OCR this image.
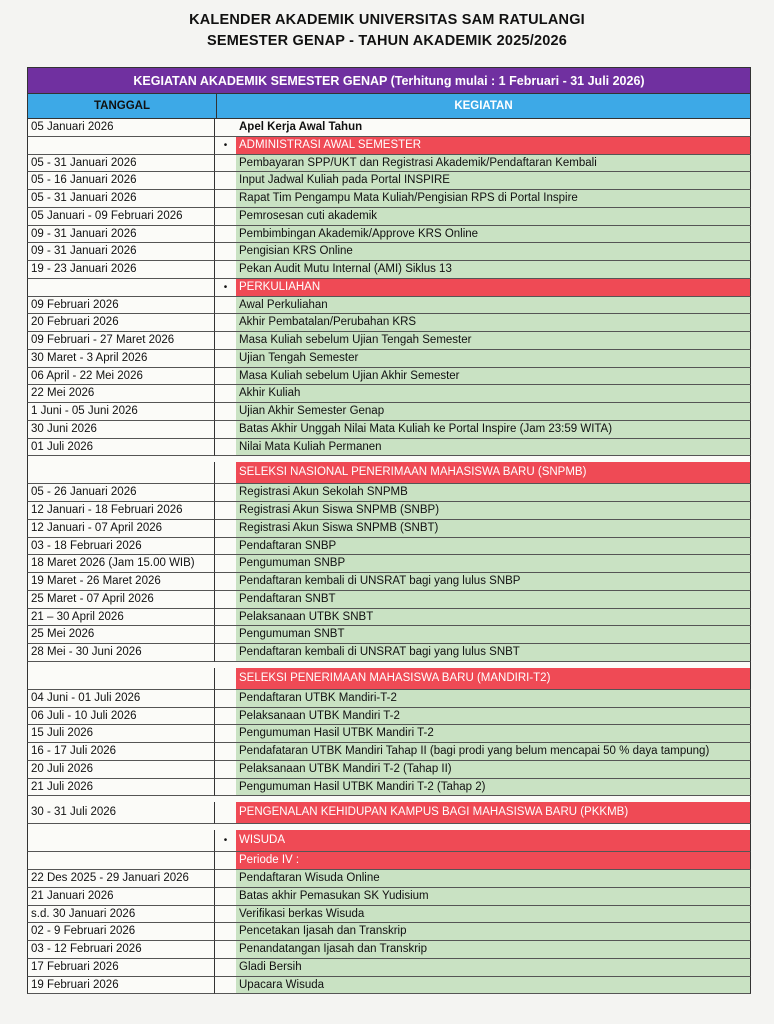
KALENDER AKADEMIK UNIVERSITAS SAM RATULANGI
SEMESTER GENAP - TAHUN AKADEMIK 2025/2026
KEGIATAN AKADEMIK SEMESTER GENAP (Terhitung mulai : 1 Februari - 31 Juli 2026)
TANGGAL	KEGIATAN
05 Januari 2026	Apel Kerja Awal Tahun
•	ADMINISTRASI AWAL SEMESTER
05 - 31 Januari 2026	Pembayaran SPP/UKT dan Registrasi Akademik/Pendaftaran Kembali
05 - 16 Januari 2026	Input Jadwal Kuliah pada Portal INSPIRE
05 - 31 Januari 2026	Rapat Tim Pengampu Mata Kuliah/Pengisian RPS di Portal Inspire
05 Januari - 09 Februari 2026	Pemrosesan cuti akademik
09 - 31 Januari 2026	Pembimbingan Akademik/Approve KRS Online
09 - 31 Januari 2026	Pengisian KRS Online
19 - 23 Januari 2026	Pekan Audit Mutu Internal (AMI) Siklus 13
•	PERKULIAHAN
09 Februari 2026	Awal Perkuliahan
20 Februari 2026	Akhir Pembatalan/Perubahan KRS
09 Februari - 27 Maret 2026	Masa Kuliah sebelum Ujian Tengah Semester
30 Maret - 3 April 2026	Ujian Tengah Semester
06 April - 22 Mei 2026	Masa Kuliah sebelum Ujian Akhir Semester
22 Mei 2026	Akhir Kuliah
1 Juni - 05 Juni 2026	Ujian Akhir Semester Genap
30 Juni 2026	Batas Akhir Unggah Nilai Mata Kuliah ke Portal Inspire (Jam 23:59 WITA)
01 Juli 2026	Nilai Mata Kuliah Permanen
SELEKSI NASIONAL PENERIMAAN MAHASISWA BARU (SNPMB)
05 - 26 Januari 2026	Registrasi Akun Sekolah SNPMB
12 Januari - 18 Februari 2026	Registrasi Akun Siswa SNPMB (SNBP)
12 Januari - 07 April 2026	Registrasi Akun Siswa SNPMB (SNBT)
03 - 18 Februari 2026	Pendaftaran SNBP
18 Maret 2026 (Jam 15.00 WIB)	Pengumuman SNBP
19 Maret - 26 Maret 2026	Pendaftaran kembali di UNSRAT bagi yang lulus SNBP
25 Maret - 07 April 2026	Pendaftaran SNBT
21 – 30 April 2026	Pelaksanaan UTBK SNBT
25 Mei 2026	Pengumuman SNBT
28 Mei - 30 Juni 2026	Pendaftaran kembali di UNSRAT bagi yang lulus SNBT
SELEKSI PENERIMAAN MAHASISWA BARU (MANDIRI-T2)
04 Juni - 01 Juli 2026	Pendaftaran UTBK Mandiri-T-2
06 Juli - 10 Juli 2026	Pelaksanaan UTBK Mandiri T-2
15 Juli 2026	Pengumuman Hasil UTBK Mandiri T-2
16 - 17 Juli 2026	Pendafataran UTBK Mandiri Tahap II (bagi prodi yang belum mencapai 50 % daya tampung)
20 Juli 2026	Pelaksanaan UTBK Mandiri T-2 (Tahap II)
21 Juli 2026	Pengumuman Hasil UTBK Mandiri T-2 (Tahap 2)
30 - 31 Juli 2026	PENGENALAN KEHIDUPAN KAMPUS BAGI MAHASISWA BARU (PKKMB)
•	WISUDA
Periode IV :
22 Des 2025 - 29 Januari 2026	Pendaftaran Wisuda Online
21 Januari 2026	Batas akhir Pemasukan SK Yudisium
s.d. 30 Januari 2026	Verifikasi berkas Wisuda
02 - 9 Februari 2026	Pencetakan Ijasah dan Transkrip
03 - 12 Februari 2026	Penandatangan Ijasah dan Transkrip
17 Februari 2026	Gladi Bersih
19 Februari 2026	Upacara Wisuda
